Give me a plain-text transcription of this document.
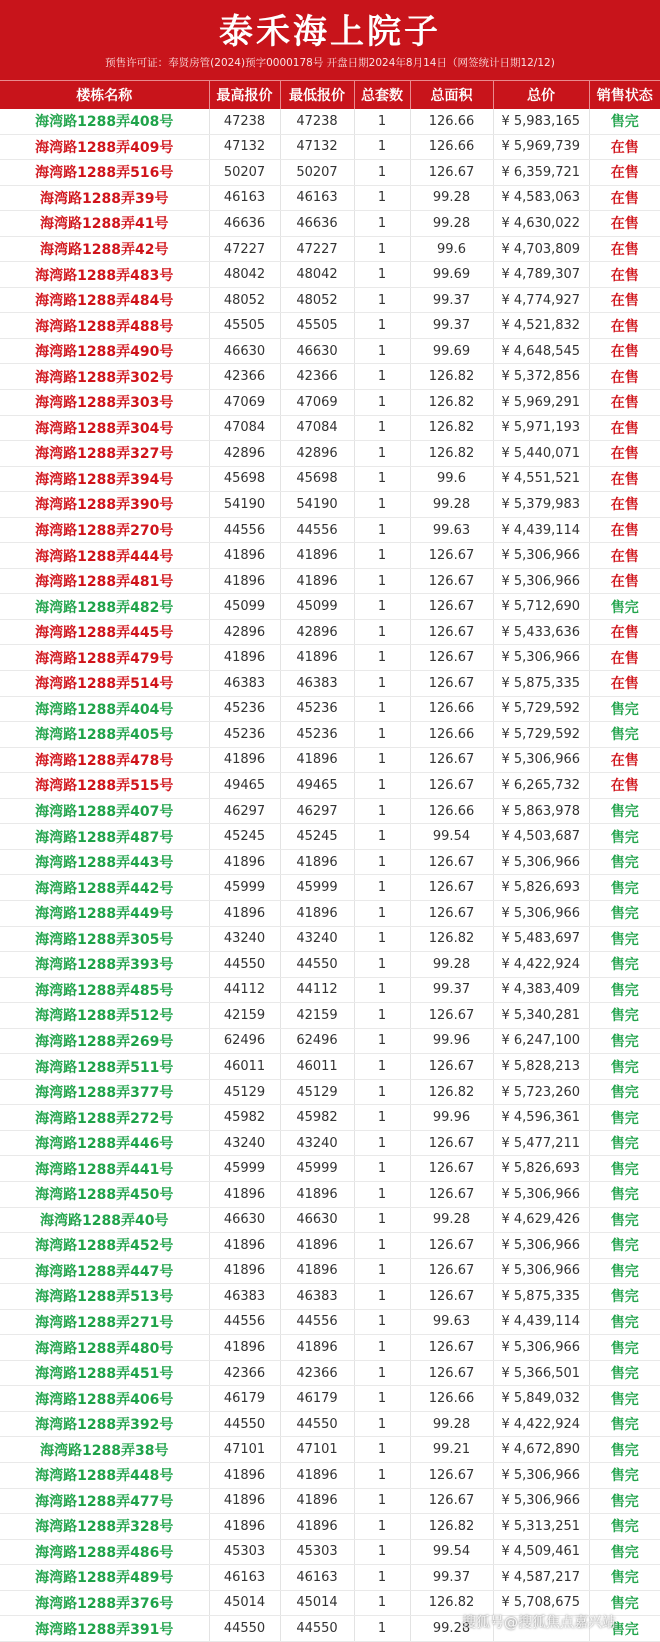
泰禾海上院子
预售许可证：奉贤房管(2024)预字0000178号 开盘日期2024年8月14日（网签统计日期12/12)
楼栋名称	最高报价	最低报价	总套数	总面积	总价	销售状态
海湾路1288弄408号	47238	47238	1	126.66	¥ 5,983,165	售完
海湾路1288弄409号	47132	47132	1	126.66	¥ 5,969,739	在售
海湾路1288弄516号	50207	50207	1	126.67	¥ 6,359,721	在售
海湾路1288弄39号	46163	46163	1	99.28	¥ 4,583,063	在售
海湾路1288弄41号	46636	46636	1	99.28	¥ 4,630,022	在售
海湾路1288弄42号	47227	47227	1	99.6	¥ 4,703,809	在售
海湾路1288弄483号	48042	48042	1	99.69	¥ 4,789,307	在售
海湾路1288弄484号	48052	48052	1	99.37	¥ 4,774,927	在售
海湾路1288弄488号	45505	45505	1	99.37	¥ 4,521,832	在售
海湾路1288弄490号	46630	46630	1	99.69	¥ 4,648,545	在售
海湾路1288弄302号	42366	42366	1	126.82	¥ 5,372,856	在售
海湾路1288弄303号	47069	47069	1	126.82	¥ 5,969,291	在售
海湾路1288弄304号	47084	47084	1	126.82	¥ 5,971,193	在售
海湾路1288弄327号	42896	42896	1	126.82	¥ 5,440,071	在售
海湾路1288弄394号	45698	45698	1	99.6	¥ 4,551,521	在售
海湾路1288弄390号	54190	54190	1	99.28	¥ 5,379,983	在售
海湾路1288弄270号	44556	44556	1	99.63	¥ 4,439,114	在售
海湾路1288弄444号	41896	41896	1	126.67	¥ 5,306,966	在售
海湾路1288弄481号	41896	41896	1	126.67	¥ 5,306,966	在售
海湾路1288弄482号	45099	45099	1	126.67	¥ 5,712,690	售完
海湾路1288弄445号	42896	42896	1	126.67	¥ 5,433,636	在售
海湾路1288弄479号	41896	41896	1	126.67	¥ 5,306,966	在售
海湾路1288弄514号	46383	46383	1	126.67	¥ 5,875,335	在售
海湾路1288弄404号	45236	45236	1	126.66	¥ 5,729,592	售完
海湾路1288弄405号	45236	45236	1	126.66	¥ 5,729,592	售完
海湾路1288弄478号	41896	41896	1	126.67	¥ 5,306,966	在售
海湾路1288弄515号	49465	49465	1	126.67	¥ 6,265,732	在售
海湾路1288弄407号	46297	46297	1	126.66	¥ 5,863,978	售完
海湾路1288弄487号	45245	45245	1	99.54	¥ 4,503,687	售完
海湾路1288弄443号	41896	41896	1	126.67	¥ 5,306,966	售完
海湾路1288弄442号	45999	45999	1	126.67	¥ 5,826,693	售完
海湾路1288弄449号	41896	41896	1	126.67	¥ 5,306,966	售完
海湾路1288弄305号	43240	43240	1	126.82	¥ 5,483,697	售完
海湾路1288弄393号	44550	44550	1	99.28	¥ 4,422,924	售完
海湾路1288弄485号	44112	44112	1	99.37	¥ 4,383,409	售完
海湾路1288弄512号	42159	42159	1	126.67	¥ 5,340,281	售完
海湾路1288弄269号	62496	62496	1	99.96	¥ 6,247,100	售完
海湾路1288弄511号	46011	46011	1	126.67	¥ 5,828,213	售完
海湾路1288弄377号	45129	45129	1	126.82	¥ 5,723,260	售完
海湾路1288弄272号	45982	45982	1	99.96	¥ 4,596,361	售完
海湾路1288弄446号	43240	43240	1	126.67	¥ 5,477,211	售完
海湾路1288弄441号	45999	45999	1	126.67	¥ 5,826,693	售完
海湾路1288弄450号	41896	41896	1	126.67	¥ 5,306,966	售完
海湾路1288弄40号	46630	46630	1	99.28	¥ 4,629,426	售完
海湾路1288弄452号	41896	41896	1	126.67	¥ 5,306,966	售完
海湾路1288弄447号	41896	41896	1	126.67	¥ 5,306,966	售完
海湾路1288弄513号	46383	46383	1	126.67	¥ 5,875,335	售完
海湾路1288弄271号	44556	44556	1	99.63	¥ 4,439,114	售完
海湾路1288弄480号	41896	41896	1	126.67	¥ 5,306,966	售完
海湾路1288弄451号	42366	42366	1	126.67	¥ 5,366,501	售完
海湾路1288弄406号	46179	46179	1	126.66	¥ 5,849,032	售完
海湾路1288弄392号	44550	44550	1	99.28	¥ 4,422,924	售完
海湾路1288弄38号	47101	47101	1	99.21	¥ 4,672,890	售完
海湾路1288弄448号	41896	41896	1	126.67	¥ 5,306,966	售完
海湾路1288弄477号	41896	41896	1	126.67	¥ 5,306,966	售完
海湾路1288弄328号	41896	41896	1	126.82	¥ 5,313,251	售完
海湾路1288弄486号	45303	45303	1	99.54	¥ 4,509,461	售完
海湾路1288弄489号	46163	46163	1	99.37	¥ 4,587,217	售完
海湾路1288弄376号	45014	45014	1	126.82	¥ 5,708,675	售完
海湾路1288弄391号	44550	44550	1	99.28		售完
搜狐号@搜狐焦点嘉兴站
